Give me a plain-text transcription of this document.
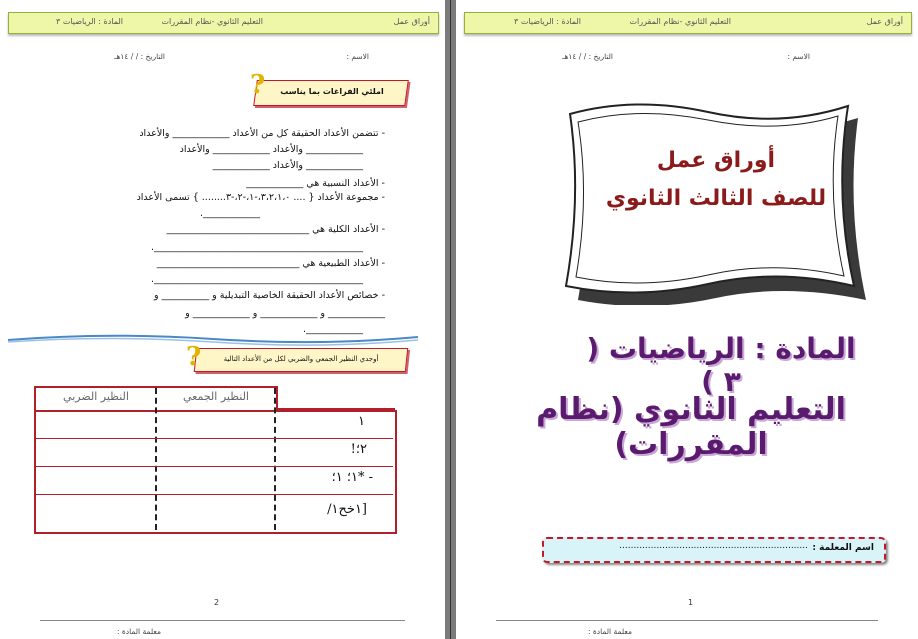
أوراق عمل
التعليم الثانوي -نظام المقررات
المادة : الرياضيات ٣
الاسم :
التاريخ : / / ١٤هـ
املئي الفراغات بما يناسب
?
- تتضمن الأعداد الحقيقة كل من الأعداد ____________ والأعداد
____________ والأعداد ____________ والأعداد
____________ والأعداد ____________
- الأعداد النسبية هي ____________
- مجموعة الأعداد { .... ٣،٢،١،٠،-١،-٢،-٣........ } تسمى الأعداد
____________.
- الأعداد الكلية هي ______________________________
____________________________________________.
- الأعداد الطبيعية هي ______________________________
____________________________________________.
- خصائص الأعداد الحقيقة الخاصية التبديلية و __________ و
____________ و ____________ و ____________ و
____________.
أوجدي النظير الجمعي والضربي لكل من الأعداد التالية
?
النظير الجمعي
النظير الضربي
١
٢؛!
- *١؛ ١؛
[١خح١/
2
معلمة المادة :
أوراق عمل
التعليم الثانوي -نظام المقررات
المادة : الرياضيات ٣
الاسم :
التاريخ : / / ١٤هـ
أوراق عمل
للصف الثالث الثانوي
المادة : الرياضيات ( ٣ )
التعليم الثانوي (نظام المقررات)
اسم المعلمة :
..................................................................
1
معلمة المادة :
